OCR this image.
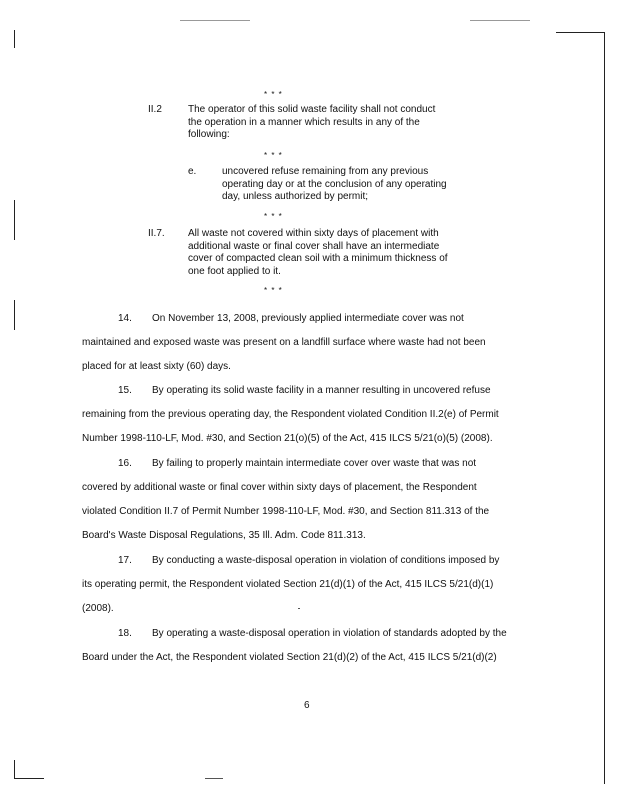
* * *
II.2	The operator of this solid waste facility shall not conduct
the operation in a manner which results in any of the
following:
* * *
e.	uncovered refuse remaining from any previous
operating day or at the conclusion of any operating
day, unless authorized by permit;
* * *
II.7. All waste not covered within sixty days of placement with
additional waste or final cover shall have an intermediate
cover of compacted clean soil with a minimum thickness of
one foot applied to it.
* * *
14. On November 13, 2008, previously applied intermediate cover was not
maintained and exposed waste was present on a landfill surface where waste had not been
placed for at least sixty (60) days.
15. By operating its solid waste facility in a manner resulting in uncovered refuse
remaining from the previous operating day, the Respondent violated Condition II.2(e) of Permit
Number 1998-110-LF, Mod. #30, and Section 21(o)(5) of the Act, 415 ILCS 5/21(o)(5) (2008).
16. By failing to properly maintain intermediate cover over waste that was not
covered by additional waste or final cover within sixty days of placement, the Respondent
violated Condition II.7 of Permit Number 1998-110-LF, Mod. #30, and Section 811.313 of the
Board's Waste Disposal Regulations, 35 Ill. Adm. Code 811.313.
17. By conducting a waste-disposal operation in violation of conditions imposed by
its operating permit, the Respondent violated Section 21(d)(1) of the Act, 415 ILCS 5/21(d)(1)
(2008).
18. By operating a waste-disposal operation in violation of standards adopted by the
Board under the Act, the Respondent violated Section 21(d)(2) of the Act, 415 ILCS 5/21(d)(2)
6
